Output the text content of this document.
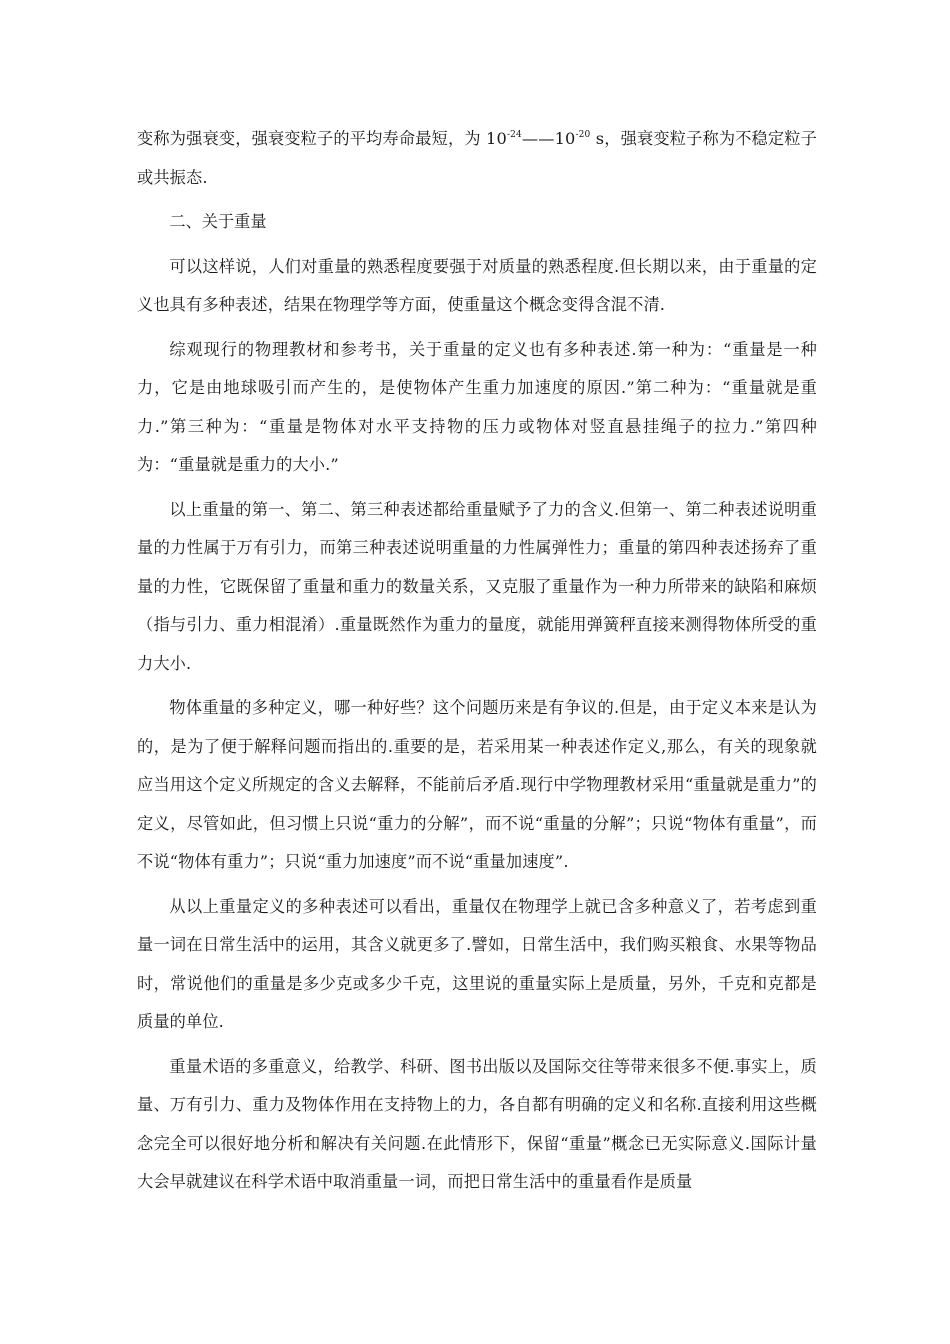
变称为强衰变，强衰变粒子的平均寿命最短，为 $10^{-24}——10^{-20}$ s，强衰变粒子称为不稳定粒子或共振态.

二、关于重量

可以这样说，人们对重量的熟悉程度要强于对质量的熟悉程度.但长期以来，由于重量的定义也具有多种表述，结果在物理学等方面，使重量这个概念变得含混不清.

综观现行的物理教材和参考书，关于重量的定义也有多种表述.第一种为：“重量是一种力，它是由地球吸引而产生的，是使物体产生重力加速度的原因.”第二种为：“重量就是重力.”第三种为：“重量是物体对水平支持物的压力或物体对竖直悬挂绳子的拉力.”第四种为：“重量就是重力的大小.”

以上重量的第一、第二、第三种表述都给重量赋予了力的含义.但第一、第二种表述说明重量的力性属于万有引力，而第三种表述说明重量的力性属弹性力；重量的第四种表述扬弃了重量的力性，它既保留了重量和重力的数量关系，又克服了重量作为一种力所带来的缺陷和麻烦（指与引力、重力相混淆）.重量既然作为重力的量度，就能用弹簧秤直接来测得物体所受的重力大小.

物体重量的多种定义，哪一种好些？这个问题历来是有争议的.但是，由于定义本来是认为的，是为了便于解释问题而指出的.重要的是，若采用某一种表述作定义,那么，有关的现象就应当用这个定义所规定的含义去解释，不能前后矛盾.现行中学物理教材采用“重量就是重力”的定义，尽管如此，但习惯上只说“重力的分解”，而不说“重量的分解”；只说“物体有重量”，而不说“物体有重力”；只说“重力加速度”而不说“重量加速度”.

从以上重量定义的多种表述可以看出，重量仅在物理学上就已含多种意义了，若考虑到重量一词在日常生活中的运用，其含义就更多了.譬如，日常生活中，我们购买粮食、水果等物品时，常说他们的重量是多少克或多少千克，这里说的重量实际上是质量，另外，千克和克都是质量的单位.

重量术语的多重意义，给教学、科研、图书出版以及国际交往等带来很多不便.事实上，质量、万有引力、重力及物体作用在支持物上的力，各自都有明确的定义和名称.直接利用这些概念完全可以很好地分析和解决有关问题.在此情形下，保留“重量”概念已无实际意义.国际计量大会早就建议在科学术语中取消重量一词，而把日常生活中的重量看作是质量
